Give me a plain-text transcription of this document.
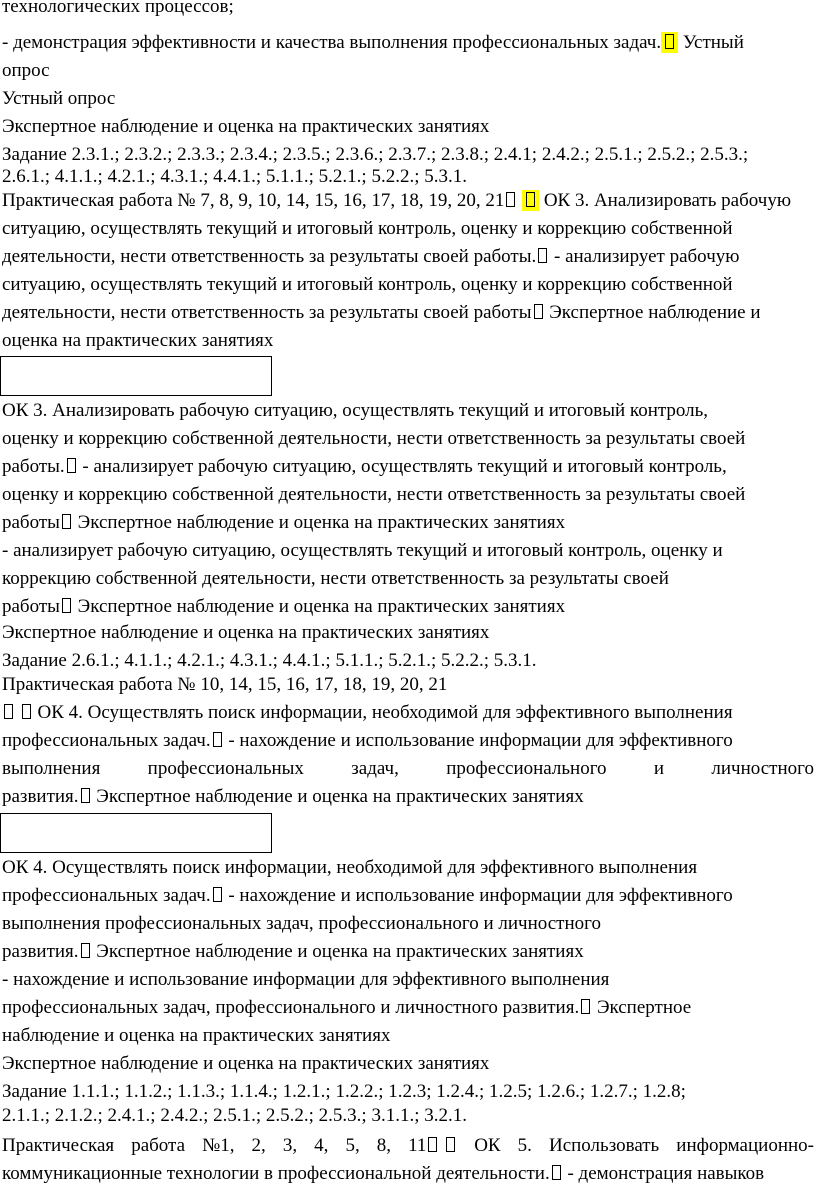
технологических процессов;
- демонстрация эффективности и качества выполнения профессиональных задач. Устный
опрос
Устный опрос
Экспертное наблюдение и оценка на практических занятиях
Задание 2.3.1.; 2.3.2.; 2.3.3.; 2.3.4.; 2.3.5.; 2.3.6.; 2.3.7.; 2.3.8.; 2.4.1; 2.4.2.; 2.5.1.; 2.5.2.; 2.5.3.;
2.6.1.; 4.1.1.; 4.2.1.; 4.3.1.; 4.4.1.; 5.1.1.; 5.2.1.; 5.2.2.; 5.3.1.
Практическая работа № 7, 8, 9, 10, 14, 15, 16, 17, 18, 19, 20, 21 ОК 3. Анализировать рабочую
ситуацию, осуществлять текущий и итоговый контроль, оценку и коррекцию собственной
деятельности, нести ответственность за результаты своей работы. - анализирует рабочую
ситуацию, осуществлять текущий и итоговый контроль, оценку и коррекцию собственной
деятельности, нести ответственность за результаты своей работы Экспертное наблюдение и
оценка на практических занятиях
ОК 3. Анализировать рабочую ситуацию, осуществлять текущий и итоговый контроль,
оценку и коррекцию собственной деятельности, нести ответственность за результаты своей
работы. - анализирует рабочую ситуацию, осуществлять текущий и итоговый контроль,
оценку и коррекцию собственной деятельности, нести ответственность за результаты своей
работы Экспертное наблюдение и оценка на практических занятиях
- анализирует рабочую ситуацию, осуществлять текущий и итоговый контроль, оценку и
коррекцию собственной деятельности, нести ответственность за результаты своей
работы Экспертное наблюдение и оценка на практических занятиях
Экспертное наблюдение и оценка на практических занятиях
Задание 2.6.1.; 4.1.1.; 4.2.1.; 4.3.1.; 4.4.1.; 5.1.1.; 5.2.1.; 5.2.2.; 5.3.1.
Практическая работа № 10, 14, 15, 16, 17, 18, 19, 20, 21
ОК 4. Осуществлять поиск информации, необходимой для эффективного выполнения
профессиональных задач. - нахождение и использование информации для эффективного
выполнения профессиональных задач, профессионального и личностного
развития. Экспертное наблюдение и оценка на практических занятиях
ОК 4. Осуществлять поиск информации, необходимой для эффективного выполнения
профессиональных задач. - нахождение и использование информации для эффективного
выполнения профессиональных задач, профессионального и личностного
развития. Экспертное наблюдение и оценка на практических занятиях
- нахождение и использование информации для эффективного выполнения
профессиональных задач, профессионального и личностного развития. Экспертное
наблюдение и оценка на практических занятиях
Экспертное наблюдение и оценка на практических занятиях
Задание 1.1.1.; 1.1.2.; 1.1.3.; 1.1.4.; 1.2.1.; 1.2.2.; 1.2.3; 1.2.4.; 1.2.5; 1.2.6.; 1.2.7.; 1.2.8;
2.1.1.; 2.1.2.; 2.4.1.; 2.4.2.; 2.5.1.; 2.5.2.; 2.5.3.; 3.1.1.; 3.2.1.
Практическая работа №1, 2, 3, 4, 5, 8, 11	ОК 5. Использовать информационно-
коммуникационные технологии в профессиональной деятельности. - демонстрация навыков
